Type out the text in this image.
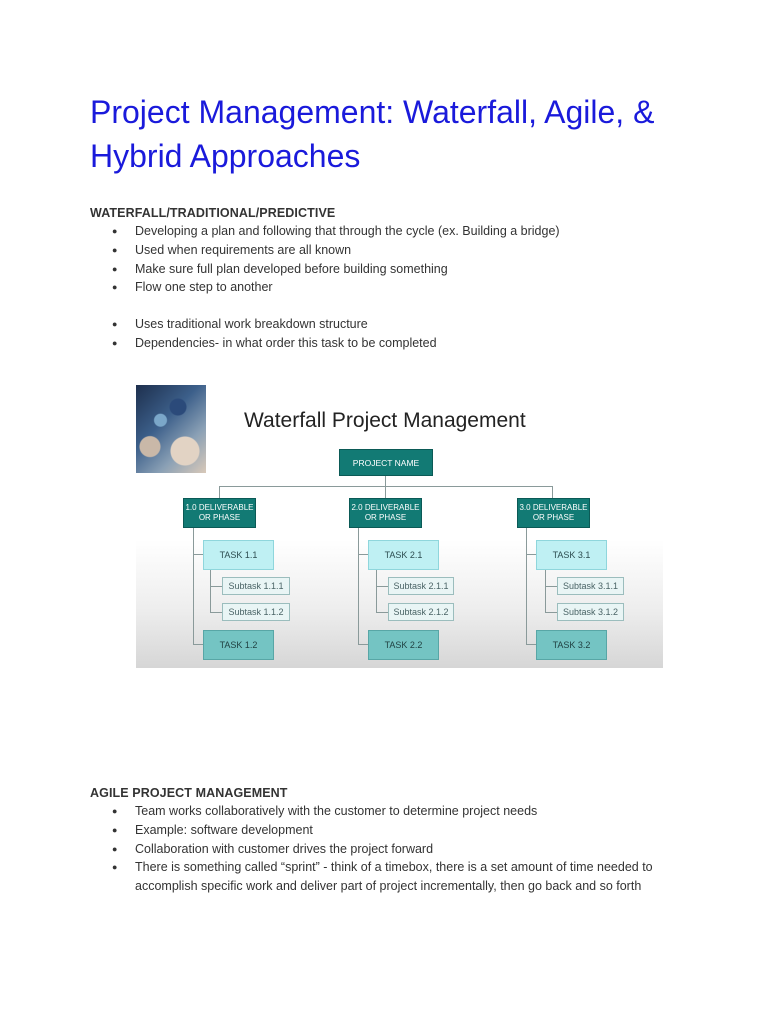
Project Management: Waterfall, Agile, & Hybrid Approaches
WATERFALL/TRADITIONAL/PREDICTIVE
● Developing a plan and following that through the cycle (ex. Building a bridge)
● Used when requirements are all known
● Make sure full plan developed before building something
● Flow one step to another
● Uses traditional work breakdown structure
● Dependencies- in what order this task to be completed
Waterfall Project Management
PROJECT NAME
1.0 DELIVERABLE
OR PHASE
2.0 DELIVERABLE
OR PHASE
3.0 DELIVERABLE
OR PHASE
TASK 1.1	TASK 2.1	TASK 3.1
Subtask 1.1.1
Subtask 1.1.2
Subtask 2.1.1
Subtask 2.1.2
Subtask 3.1.1
Subtask 3.1.2
TASK 1.2	TASK 2.2	TASK 3.2
AGILE PROJECT MANAGEMENT
● Team works collaboratively with the customer to determine project needs
● Example: software development
● Collaboration with customer drives the project forward
● There is something called “sprint” - think of a timebox, there is a set amount of time needed to accomplish specific work and deliver part of project incrementally, then go back and so forth
